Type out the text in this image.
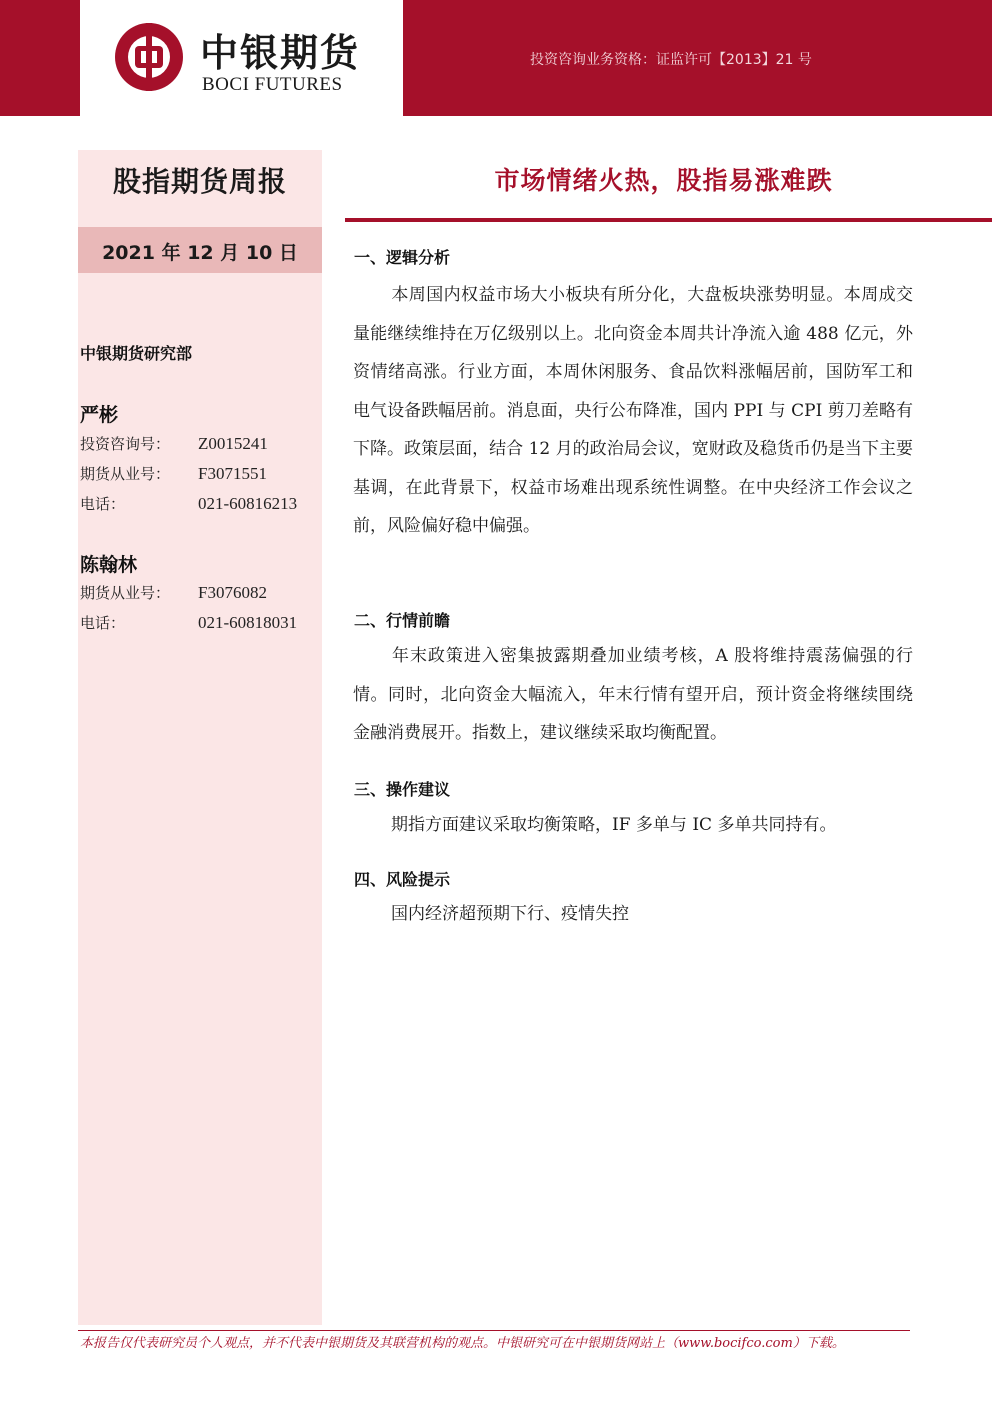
中银期货
BOCI FUTURES
投资咨询业务资格：证监许可【2013】21 号
股指期货周报
2021 年 12 月 10 日
中银期货研究部
严彬
投资咨询号： Z0015241
期货从业号： F3071551
电话：	021-60816213
陈翰林
期货从业号： F3076082
电话：	021-60818031
市场情绪火热，股指易涨难跌
一、逻辑分析

本周国内权益市场大小板块有所分化，大盘板块涨势明显。本周成交量能继续维持在万亿级别以上。北向资金本周共计净流入逾 488 亿元，外资情绪高涨。行业方面，本周休闲服务、食品饮料涨幅居前，国防军工和电气设备跌幅居前。消息面，央行公布降准，国内 PPI 与 CPI 剪刀差略有下降。政策层面，结合 12 月的政治局会议，宽财政及稳货币仍是当下主要基调，在此背景下，权益市场难出现系统性调整。在中央经济工作会议之前，风险偏好稳中偏强。

二、行情前瞻

年末政策进入密集披露期叠加业绩考核，A 股将维持震荡偏强的行情。同时，北向资金大幅流入，年末行情有望开启，预计资金将继续围绕金融消费展开。指数上，建议继续采取均衡配置。

三、操作建议

期指方面建议采取均衡策略，IF 多单与 IC 多单共同持有。

四、风险提示

国内经济超预期下行、疫情失控

本报告仅代表研究员个人观点，并不代表中银期货及其联营机构的观点。中银研究可在中银期货网站上（www.bocifco.com）下载。
